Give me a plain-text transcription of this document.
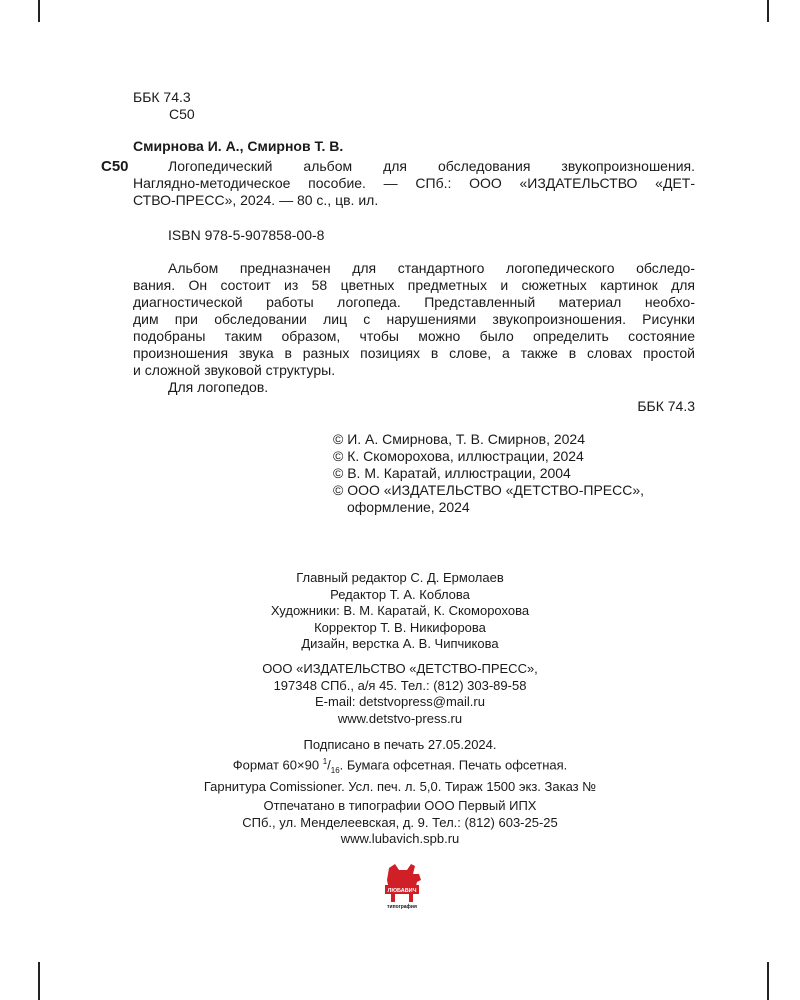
ББК 74.3
С50
Смирнова И. А., Смирнов Т. В.
С50	Логопедический альбом для обследования звукопроизношения.
Наглядно-методическое пособие. — СПб.: ООО «ИЗДАТЕЛЬСТВО «ДЕТ-
СТВО-ПРЕСС», 2024. — 80 с., цв. ил.
ISBN 978-5-907858-00-8
Альбом предназначен для стандартного логопедического обследо-
вания. Он состоит из 58 цветных предметных и сюжетных картинок для
диагностической работы логопеда. Представленный материал необхо-
дим при обследовании лиц с нарушениями звукопроизношения. Рисунки
подобраны таким образом, чтобы можно было определить состояние
произношения звука в разных позициях в слове, а также в словах простой
и сложной звуковой структуры.
Для логопедов.
ББК 74.3
© И. А. Смирнова, Т. В. Смирнов, 2024
© К. Скоморохова, иллюстрации, 2024
© В. М. Каратай, иллюстрации, 2004
© ООО «ИЗДАТЕЛЬСТВО «ДЕТСТВО-ПРЕСС»,
оформление, 2024
Главный редактор С. Д. Ермолаев
Редактор Т. А. Коблова
Художники: В. М. Каратай, К. Скоморохова
Корректор Т. В. Никифорова
Дизайн, верстка А. В. Чипчикова
ООО «ИЗДАТЕЛЬСТВО «ДЕТСТВО-ПРЕСС»,
197348 СПб., а/я 45. Тел.: (812) 303-89-58
E-mail: detstvopress@mail.ru
www.detstvo-press.ru
Подписано в печать 27.05.2024.
Формат 60×90 $^1/_{16}$. Бумага офсетная. Печать офсетная.
Гарнитура Comissioner. Усл. печ. л. 5,0. Тираж 1500 экз. Заказ №
Отпечатано в типографии ООО Первый ИПХ
СПб., ул. Менделеевская, д. 9. Тел.: (812) 603-25-25
www.lubavich.spb.ru
ЛЮБАВИЧ
типография
